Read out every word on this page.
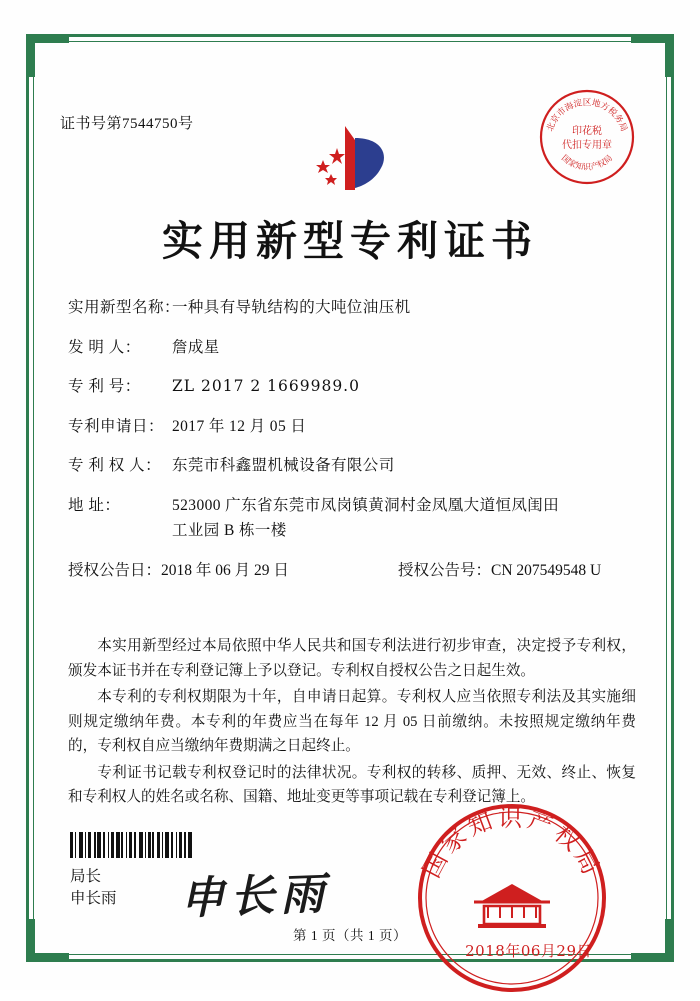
证书号第7544750号	北京市海淀区地方税务局
印花税
代扣专用章
国家知识产权局
实用新型专利证书
实用新型名称：
一种具有导轨结构的大吨位油压机
发 明 人：	詹成星
专 利 号：	ZL 2017 2 1669989.0
专利申请日： 2017 年 12 月 05 日
专 利 权 人： 东莞市科鑫盟机械设备有限公司
地 址：	523000 广东省东莞市凤岗镇黄洞村金凤凰大道恒凤闺田
工业园 B 栋一楼
授权公告日：2018 年 06 月 29 日	授权公告号：CN 207549548 U

本实用新型经过本局依照中华人民共和国专利法进行初步审查，决定授予专利权，颁发本证书并在专利登记簿上予以登记。专利权自授权公告之日起生效。

本专利的专利权期限为十年，自申请日起算。专利权人应当依照专利法及其实施细则规定缴纳年费。本专利的年费应当在每年 12 月 05 日前缴纳。未按照规定缴纳年费的，专利权自应当缴纳年费期满之日起终止。

专利证书记载专利权登记时的法律状况。专利权的转移、质押、无效、终止、恢复和专利权人的姓名或名称、国籍、地址变更等事项记载在专利登记簿上。

局长
申长雨 申长雨
国家知识产权局
2018年06月29日
第 1 页（共 1 页）
